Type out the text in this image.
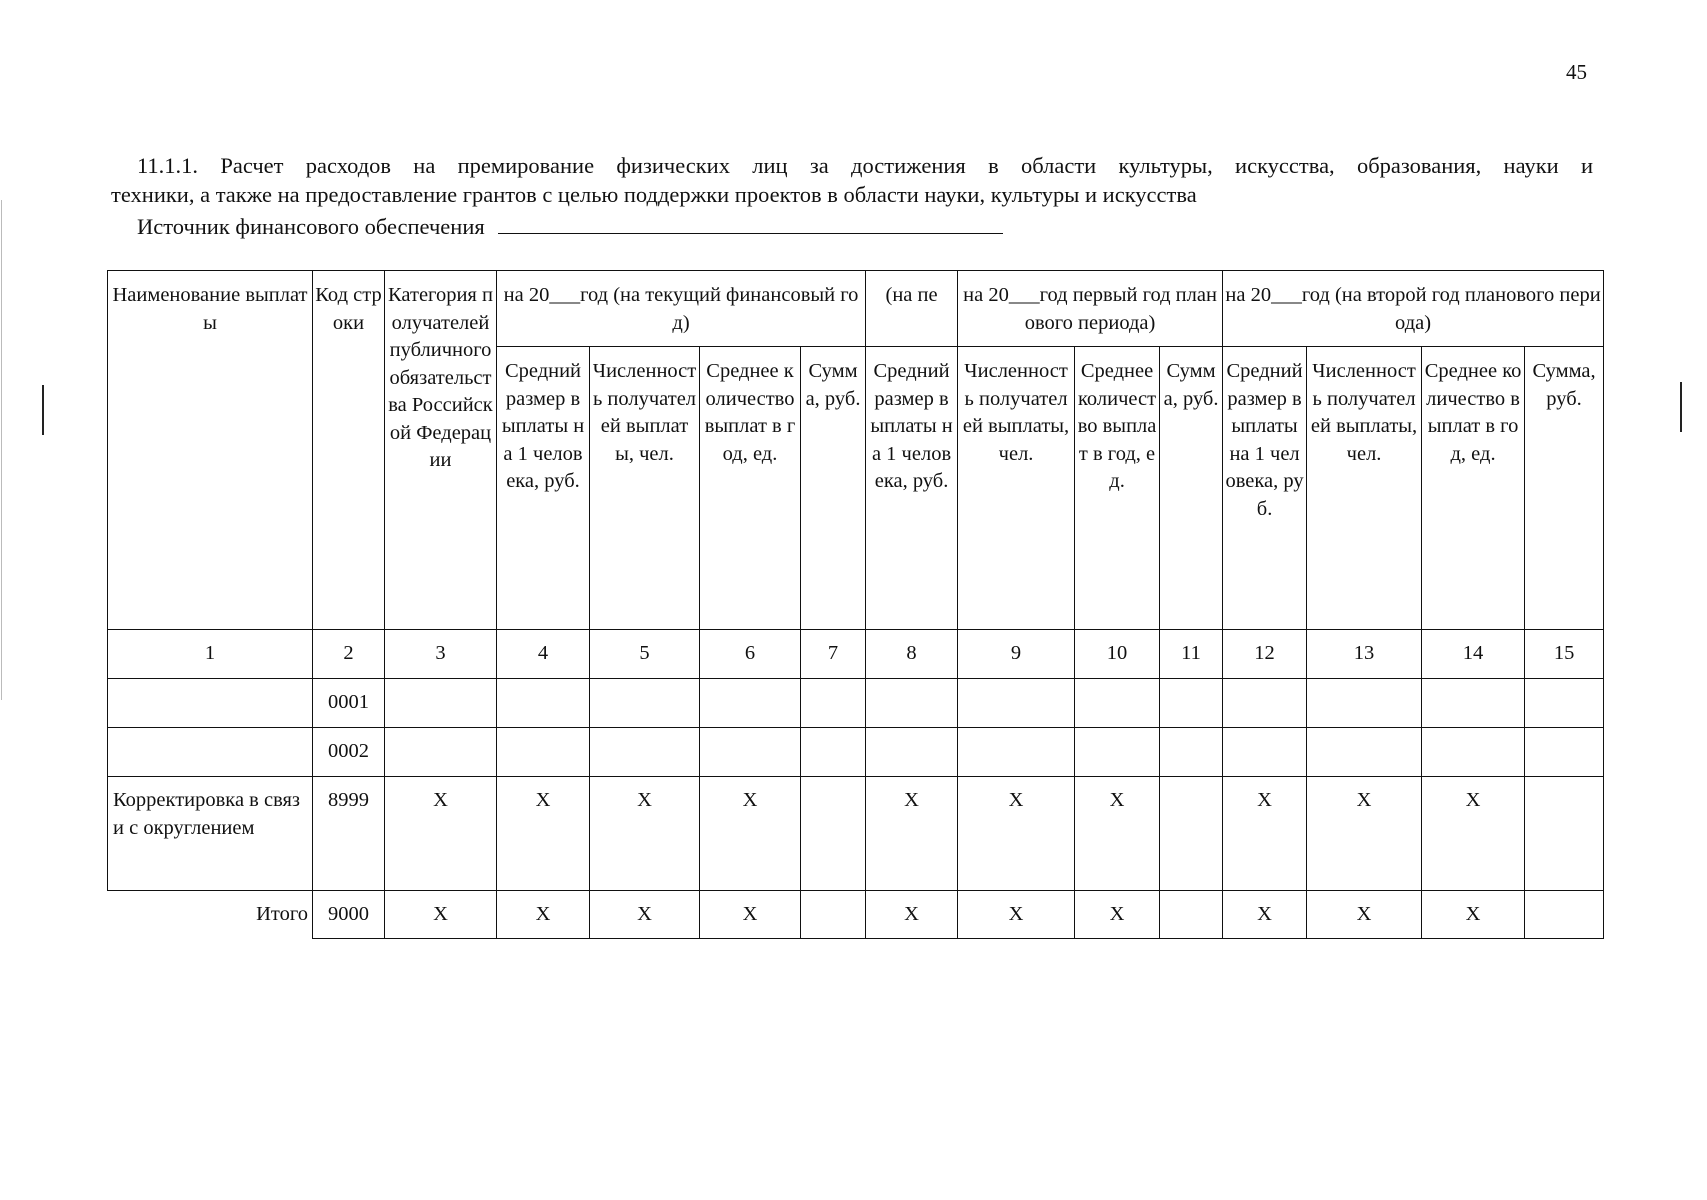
45
11.1.1. Расчет расходов на премирование физических лиц за достижения в области культуры, искусства, образования, науки и
техники, а также на предоставление грантов с целью поддержки проектов в области науки, культуры и искусства
Источник финансового обеспечения
Наименование выплаты	Код строки	Категория получателей публичного обязательства Российской Федерации	на 20___год (на текущий финансовый год)				(на пе	на 20___год первый год планового периода)			на 20___год (на второй год планового периода)			
			Средний размер выплаты на 1 человека, руб.	Численность получателей выплаты, чел.	Среднее количество выплат в год, ед.	Сумма, руб.	Средний размер выплаты на 1 человека, руб.	Численность получателей выплаты, чел.	Среднее количество выплат в год, ед.	Сумма, руб.	Средний размер выплаты на 1 человека, руб.	Численность получателей выплаты, чел.	Среднее количество выплат в год, ед.	Сумма, руб.
1	2	3	4	5	6	7	8	9	10	11	12	13	14	15
	0001													
	0002													
Корректировка в связи с округлением	8999	X	X	X	X		X	X	X		X	X	X	
Итого	9000	X	X	X	X		X	X	X		X	X	X	
